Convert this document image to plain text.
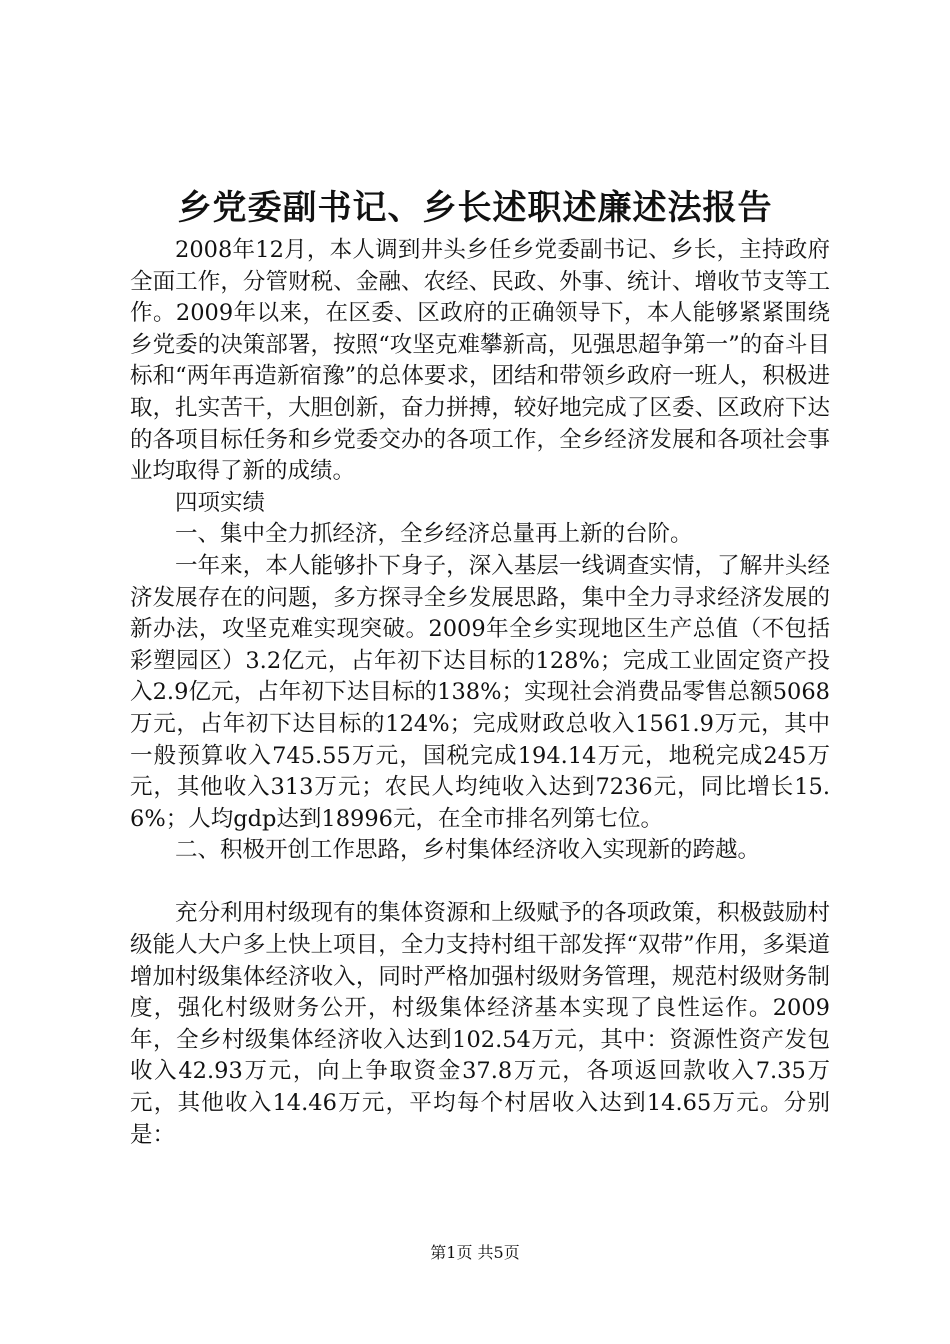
乡党委副书记、乡长述职述廉述法报告

2008年12月，本人调到井头乡任乡党委副书记、乡长，主持政府全面工作，分管财税、金融、农经、民政、外事、统计、增收节支等工作。2009年以来，在区委、区政府的正确领导下，本人能够紧紧围绕乡党委的决策部署，按照“攻坚克难攀新高，见强思超争第一”的奋斗目标和“两年再造新宿豫”的总体要求，团结和带领乡政府一班人，积极进取，扎实苦干，大胆创新，奋力拼搏，较好地完成了区委、区政府下达的各项目标任务和乡党委交办的各项工作，全乡经济发展和各项社会事业均取得了新的成绩。

四项实绩

一、集中全力抓经济，全乡经济总量再上新的台阶。

一年来，本人能够扑下身子，深入基层一线调查实情，了解井头经济发展存在的问题，多方探寻全乡发展思路，集中全力寻求经济发展的新办法，攻坚克难实现突破。2009年全乡实现地区生产总值（不包括彩塑园区）3.2亿元，占年初下达目标的128%；完成工业固定资产投入2.9亿元，占年初下达目标的138%；实现社会消费品零售总额5068万元，占年初下达目标的124%；完成财政总收入1561.9万元，其中一般预算收入745.55万元，国税完成194.14万元，地税完成245万元，其他收入313万元；农民人均纯收入达到7236元，同比增长15.6%；人均gdp达到18996元，在全市排名列第七位。

二、积极开创工作思路，乡村集体经济收入实现新的跨越。

充分利用村级现有的集体资源和上级赋予的各项政策，积极鼓励村级能人大户多上快上项目，全力支持村组干部发挥“双带”作用，多渠道增加村级集体经济收入，同时严格加强村级财务管理，规范村级财务制度，强化村级财务公开，村级集体经济基本实现了良性运作。2009年，全乡村级集体经济收入达到102.54万元，其中：资源性资产发包收入42.93万元，向上争取资金37.8万元，各项返回款收入7.35万元，其他收入14.46万元，平均每个村居收入达到14.65万元。分别是：

第1页 共5页
